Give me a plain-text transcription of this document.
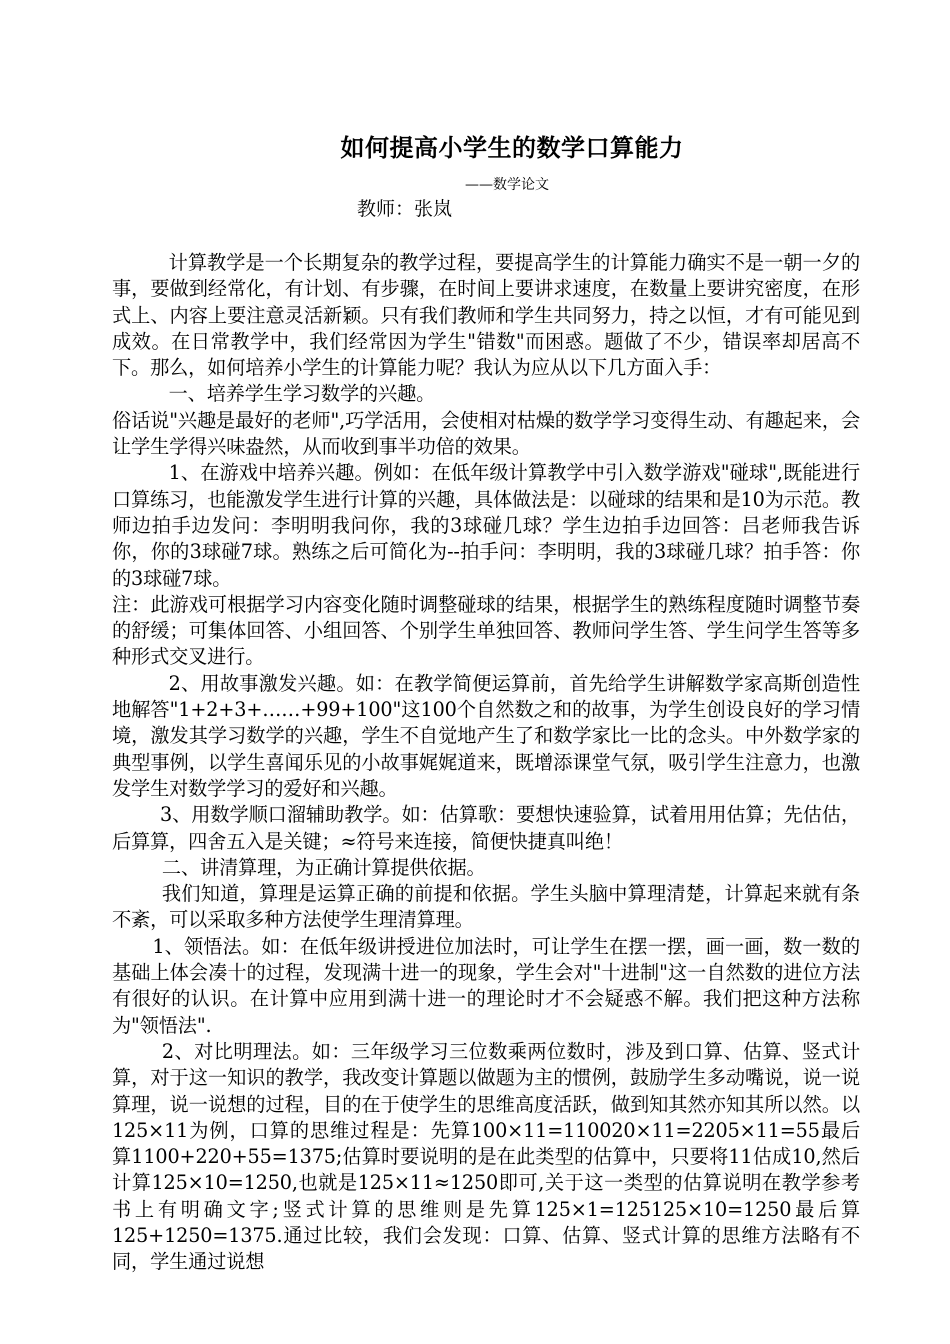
如何提高小学生的数学口算能力
——数学论文
教师：张岚

计算教学是一个长期复杂的教学过程，要提高学生的计算能力确实不是一朝一夕的事，要做到经常化，有计划、有步骤，在时间上要讲求速度，在数量上要讲究密度，在形式上、内容上要注意灵活新颖。只有我们教师和学生共同努力，持之以恒，才有可能见到成效。在日常教学中，我们经常因为学生"错数"而困惑。题做了不少，错误率却居高不下。那么，如何培养小学生的计算能力呢？我认为应从以下几方面入手：

一、培养学生学习数学的兴趣。

俗话说"兴趣是最好的老师",巧学活用，会使相对枯燥的数学学习变得生动、有趣起来，会让学生学得兴味盎然，从而收到事半功倍的效果。

1、在游戏中培养兴趣。例如：在低年级计算教学中引入数学游戏"碰球",既能进行口算练习，也能激发学生进行计算的兴趣，具体做法是：以碰球的结果和是10为示范。教师边拍手边发问：李明明我问你，我的3球碰几球？学生边拍手边回答：吕老师我告诉你，你的3球碰7球。熟练之后可简化为--拍手问：李明明，我的3球碰几球？拍手答：你的3球碰7球。

注：此游戏可根据学习内容变化随时调整碰球的结果，根据学生的熟练程度随时调整节奏的舒缓；可集体回答、小组回答、个别学生单独回答、教师问学生答、学生问学生答等多种形式交叉进行。

2、用故事激发兴趣。如：在教学简便运算前，首先给学生讲解数学家高斯创造性地解答"1+2+3+……+99+100"这100个自然数之和的故事，为学生创设良好的学习情境，激发其学习数学的兴趣，学生不自觉地产生了和数学家比一比的念头。中外数学家的典型事例，以学生喜闻乐见的小故事娓娓道来，既增添课堂气氛，吸引学生注意力，也激发学生对数学学习的爱好和兴趣。

3、用数学顺口溜辅助教学。如：估算歌：要想快速验算，试着用用估算；先估估，后算算，四舍五入是关键；≈符号来连接，简便快捷真叫绝！

二、讲清算理，为正确计算提供依据。

我们知道，算理是运算正确的前提和依据。学生头脑中算理清楚，计算起来就有条不紊，可以采取多种方法使学生理清算理。

1、领悟法。如：在低年级讲授进位加法时，可让学生在摆一摆，画一画，数一数的基础上体会凑十的过程，发现满十进一的现象，学生会对"十进制"这一自然数的进位方法有很好的认识。在计算中应用到满十进一的理论时才不会疑惑不解。我们把这种方法称为"领悟法".

2、对比明理法。如：三年级学习三位数乘两位数时，涉及到口算、估算、竖式计算，对于这一知识的教学，我改变计算题以做题为主的惯例，鼓励学生多动嘴说，说一说算理，说一说想的过程，目的在于使学生的思维高度活跃，做到知其然亦知其所以然。以125×11为例，口算的思维过程是：先算100×11=110020×11=2205×11=55最后算1100+220+55=1375;估算时要说明的是在此类型的估算中，只要将11估成10,然后计算125×10=1250,也就是125×11≈1250即可,关于这一类型的估算说明在教学参考书上有明确文字;竖式计算的思维则是先算125×1=125125×10=1250最后算125+1250=1375.通过比较，我们会发现：口算、估算、竖式计算的思维方法略有不同，学生通过说想
